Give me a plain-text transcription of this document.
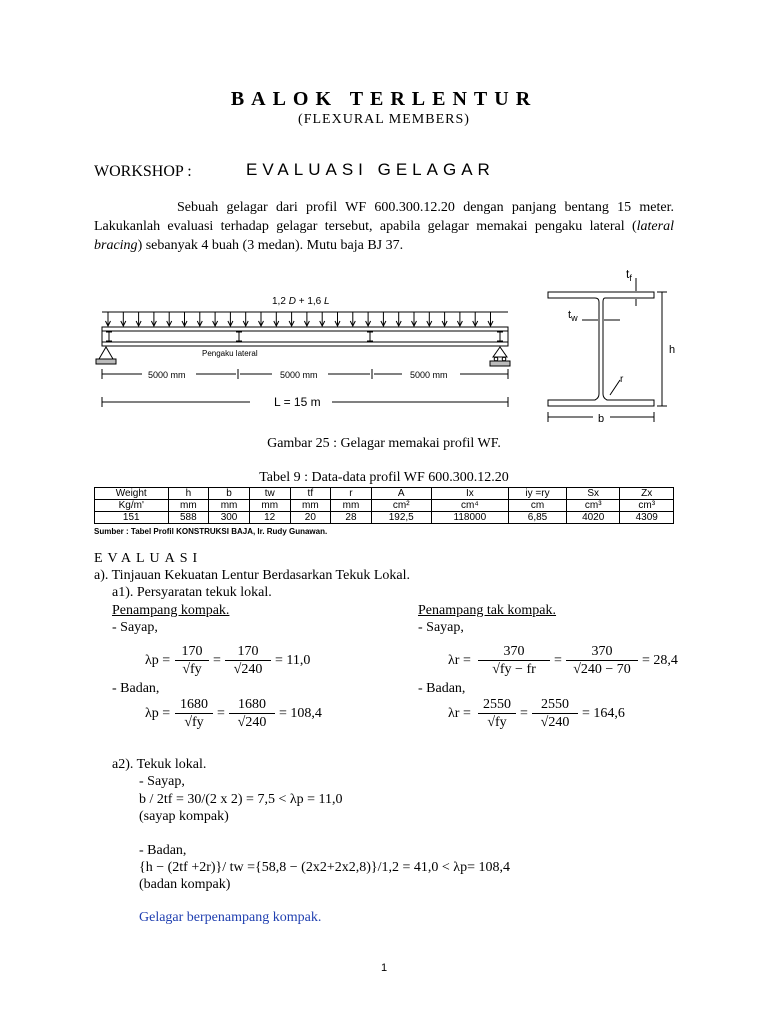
BALOK TERLENTUR
(FLEXURAL MEMBERS)
WORKSHOP :	EVALUASI GELAGAR

Sebuah gelagar dari profil WF 600.300.12.20 dengan panjang bentang 15 meter. Lakukanlah evaluasi terhadap gelagar tersebut, apabila gelagar memakai pengaku lateral (lateral bracing) sebanyak 4 buah (3 medan). Mutu baja BJ 37.

1,2 D + 1,6 L
Pengaku lateral
5000 mm	5000 mm	5000 mm
L = 15 m
$t_f$
$t_w$
h
r
b
Gambar 25 : Gelagar memakai profil WF.
Tabel 9 : Data-data profil WF 600.300.12.20
Weight	h	b	tw	tf	r	A	Ix	iy =ry	Sx	Zx
Kg/m'	mm	mm	mm	mm	mm	cm²	cm⁴	cm	cm³	cm³
151	588	300	12	20	28	192,5	118000	6,85	4020	4309
Sumber : Tabel Profil KONSTRUKSI BAJA, Ir. Rudy Gunawan.
EVALUASI
a). Tinjauan Kekuatan Lentur Berdasarkan Tekuk Lokal.
a1). Persyaratan tekuk lokal.
Penampang kompak.	Penampang tak kompak.
- Sayap,	- Sayap,
λp =
170
√fy
=
170
√240
= 11,0	λr =
370
√fy − fr
=
370
√240 − 70
= 28,4
- Badan,	- Badan,
λp =
1680
√fy
=
1680
√240
= 108,4	λr =
2550
√fy
=
2550
√240
= 164,6
a2). Tekuk lokal.
- Sayap,
b / 2tf = 30/(2 x 2) = 7,5 < λp = 11,0
(sayap kompak)
- Badan,
{h − (2tf +2r)}/ tw ={58,8 − (2x2+2x2,8)}/1,2 = 41,0 < λp= 108,4
(badan kompak)
Gelagar berpenampang kompak.
1
